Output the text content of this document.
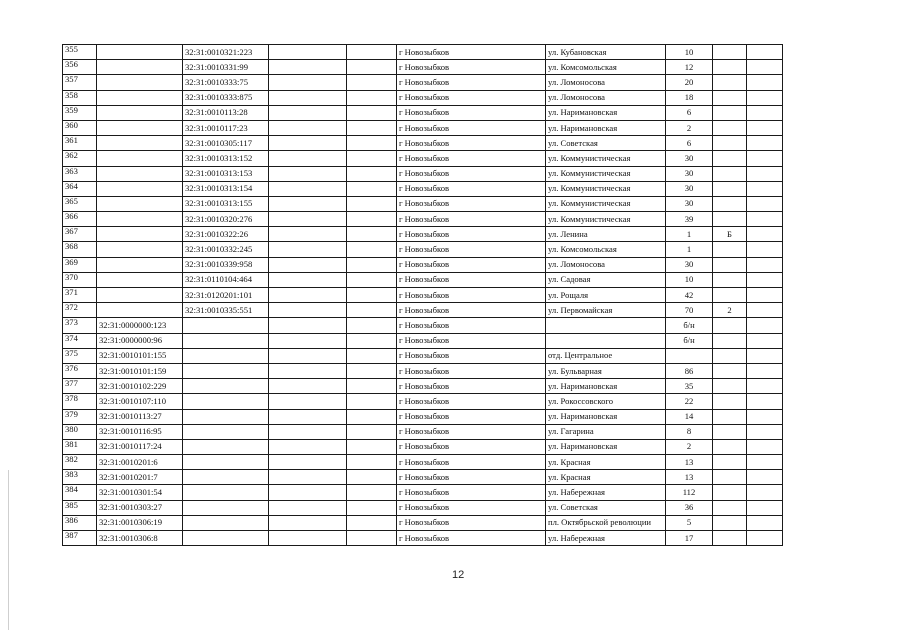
355		32:31:0010321:223			г Новозыбков	ул. Кубановская	10		
356		32:31:0010331:99			г Новозыбков	ул. Комсомольская	12		
357		32:31:0010333:75			г Новозыбков	ул. Ломоносова	20		
358		32:31:0010333:875			г Новозыбков	ул. Ломоносова	18		
359		32:31:0010113:28			г Новозыбков	ул. Наримановская	6		
360		32:31:0010117:23			г Новозыбков	ул. Наримановская	2		
361		32:31:0010305:117			г Новозыбков	ул. Советская	6		
362		32:31:0010313:152			г Новозыбков	ул. Коммунистическая	30		
363		32:31:0010313:153			г Новозыбков	ул. Коммунистическая	30		
364		32:31:0010313:154			г Новозыбков	ул. Коммунистическая	30		
365		32:31:0010313:155			г Новозыбков	ул. Коммунистическая	30		
366		32:31:0010320:276			г Новозыбков	ул. Коммунистическая	39		
367		32:31:0010322:26			г Новозыбков	ул. Ленина	1	Б	
368		32:31:0010332:245			г Новозыбков	ул. Комсомольская	1		
369		32:31:0010339:958			г Новозыбков	ул. Ломоносова	30		
370		32:31:0110104:464			г Новозыбков	ул. Садовая	10		
371		32:31:0120201:101			г Новозыбков	ул. Рощаля	42		
372		32:31:0010335:551			г Новозыбков	ул. Первомайская	70	2	
373	32:31:0000000:123				г Новозыбков		б/н		
374	32:31:0000000:96				г Новозыбков		б/н		
375	32:31:0010101:155				г Новозыбков	отд. Центральное			
376	32:31:0010101:159				г Новозыбков	ул. Бульварная	86		
377	32:31:0010102:229				г Новозыбков	ул. Наримановская	35		
378	32:31:0010107:110				г Новозыбков	ул. Рокоссовского	22		
379	32:31:0010113:27				г Новозыбков	ул. Наримановская	14		
380	32:31:0010116:95				г Новозыбков	ул. Гагарина	8		
381	32:31:0010117:24				г Новозыбков	ул. Наримановская	2		
382	32:31:0010201:6				г Новозыбков	ул. Красная	13		
383	32:31:0010201:7				г Новозыбков	ул. Красная	13		
384	32:31:0010301:54				г Новозыбков	ул. Набережная	112		
385	32:31:0010303:27				г Новозыбков	ул. Советская	36		
386	32:31:0010306:19				г Новозыбков	пл. Октябрьской революции	5		
387	32:31:0010306:8				г Новозыбков	ул. Набережная	17		
12
